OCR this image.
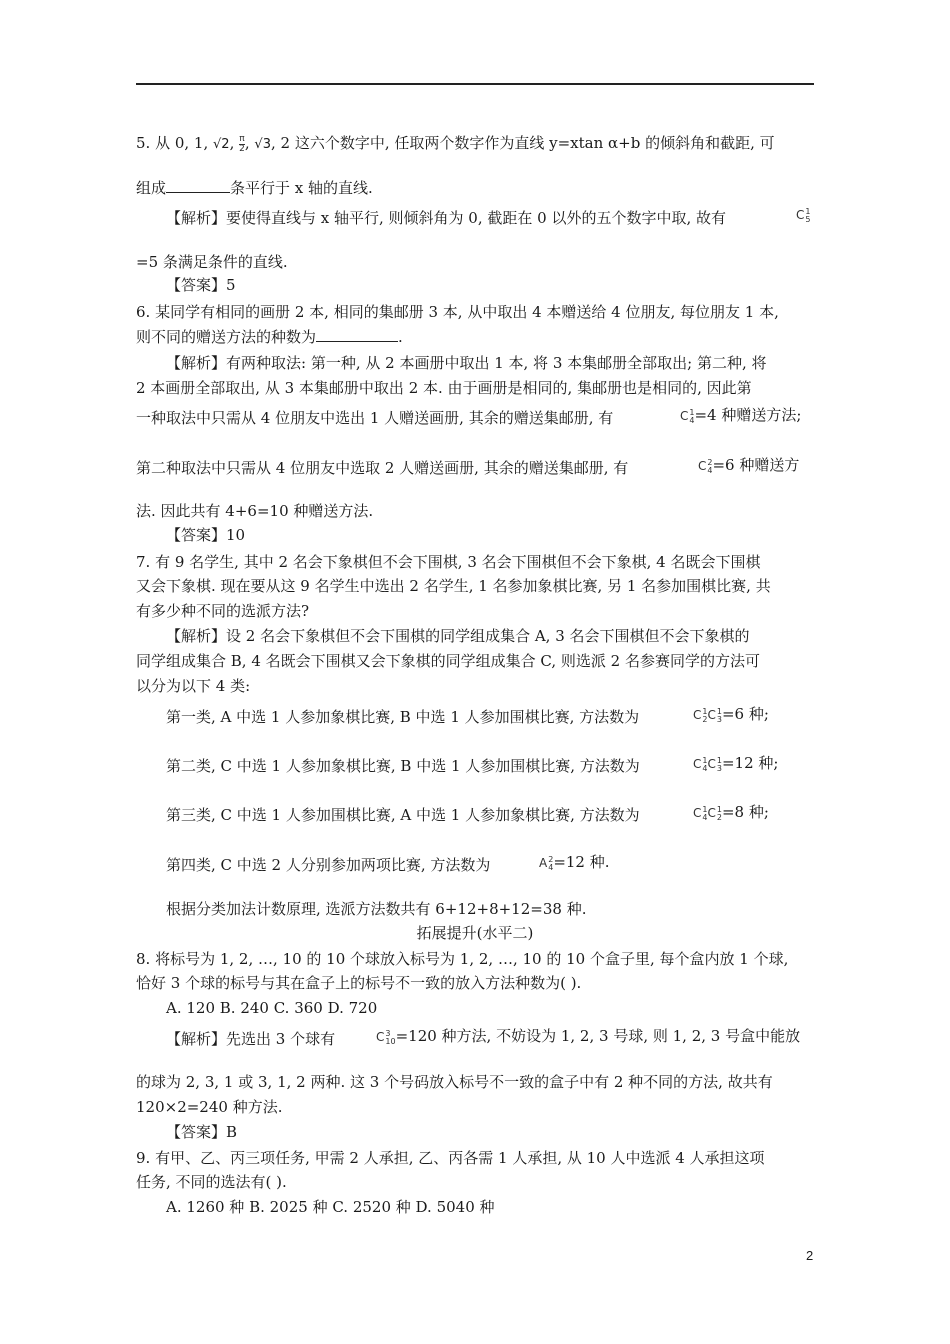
5. 从 0, 1, √2, $\frac{\pi}{2}$, √3, 2 这六个数字中, 任取两个数字作为直线 y=xtan α+b 的倾斜角和截距, 可
组成	条平行于 x 轴的直线.
【解析】要使得直线与 x 轴平行, 则倾斜角为 0, 截距在 0 以外的五个数字中取, 故有	C1
5
=5 条满足条件的直线.
【答案】5
6. 某同学有相同的画册 2 本, 相同的集邮册 3 本, 从中取出 4 本赠送给 4 位朋友, 每位朋友 1 本,
则不同的赠送方法的种数为	.
【解析】有两种取法: 第一种, 从 2 本画册中取出 1 本, 将 3 本集邮册全部取出; 第二种, 将
2 本画册全部取出, 从 3 本集邮册中取出 2 本. 由于画册是相同的, 集邮册也是相同的, 因此第
一种取法中只需从 4 位朋友中选出 1 人赠送画册, 其余的赠送集邮册, 有	C1
4=4 种赠送方法;
第二种取法中只需从 4 位朋友中选取 2 人赠送画册, 其余的赠送集邮册, 有	C2
4=6 种赠送方
法. 因此共有 4+6=10 种赠送方法.
【答案】10
7. 有 9 名学生, 其中 2 名会下象棋但不会下围棋, 3 名会下围棋但不会下象棋, 4 名既会下围棋
又会下象棋. 现在要从这 9 名学生中选出 2 名学生, 1 名参加象棋比赛, 另 1 名参加围棋比赛, 共
有多少种不同的选派方法?
【解析】设 2 名会下象棋但不会下围棋的同学组成集合 A, 3 名会下围棋但不会下象棋的
同学组成集合 B, 4 名既会下围棋又会下象棋的同学组成集合 C, 则选派 2 名参赛同学的方法可
以分为以下 4 类:
第一类, A 中选 1 人参加象棋比赛, B 中选 1 人参加围棋比赛, 方法数为	C1
2C1
3=6 种;
第二类, C 中选 1 人参加象棋比赛, B 中选 1 人参加围棋比赛, 方法数为	C1
4C1
3=12 种;
第三类, C 中选 1 人参加围棋比赛, A 中选 1 人参加象棋比赛, 方法数为	C1
4C1
2=8 种;
第四类, C 中选 2 人分别参加两项比赛, 方法数为	A2
4=12 种.
根据分类加法计数原理, 选派方法数共有 6+12+8+12=38 种.
拓展提升(水平二)
8. 将标号为 1, 2, …, 10 的 10 个球放入标号为 1, 2, …, 10 的 10 个盒子里, 每个盒内放 1 个球,
恰好 3 个球的标号与其在盒子上的标号不一致的放入方法种数为( ).
A. 120 B. 240 C. 360 D. 720
【解析】先选出 3 个球有	C3
10=120 种方法, 不妨设为 1, 2, 3 号球, 则 1, 2, 3 号盒中能放
的球为 2, 3, 1 或 3, 1, 2 两种. 这 3 个号码放入标号不一致的盒子中有 2 种不同的方法, 故共有
120×2=240 种方法.
【答案】B
9. 有甲、乙、丙三项任务, 甲需 2 人承担, 乙、丙各需 1 人承担, 从 10 人中选派 4 人承担这项
任务, 不同的选法有( ).
A. 1260 种 B. 2025 种 C. 2520 种 D. 5040 种
2
